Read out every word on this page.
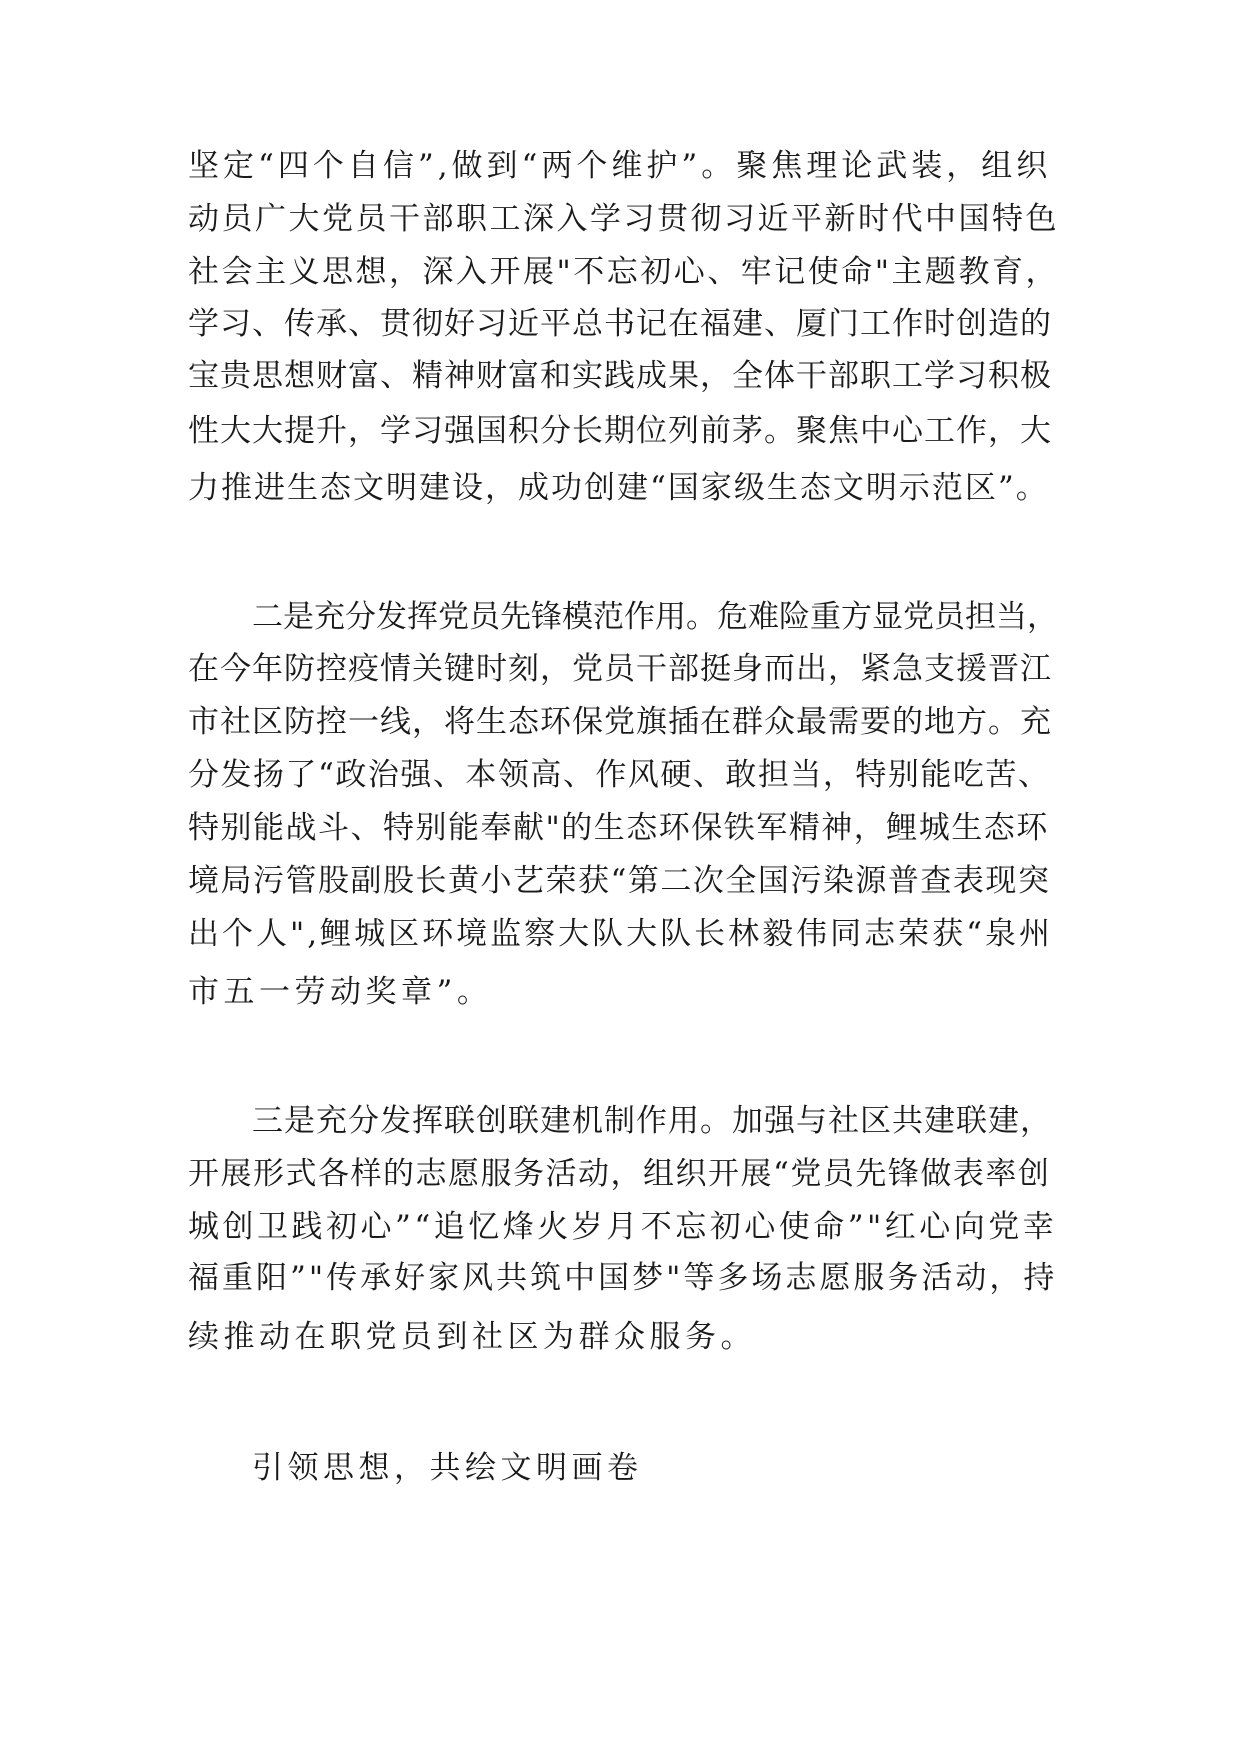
坚定“四个自信”,做到“两个维护”。聚焦理论武装，组织
动员广大党员干部职工深入学习贯彻习近平新时代中国特色
社会主义思想，深入开展"不忘初心、牢记使命"主题教育，
学习、传承、贯彻好习近平总书记在福建、厦门工作时创造的
宝贵思想财富、精神财富和实践成果，全体干部职工学习积极
性大大提升，学习强国积分长期位列前茅。聚焦中心工作，大
力推进生态文明建设，成功创建“国家级生态文明示范区”。
二是充分发挥党员先锋模范作用。危难险重方显党员担当，
在今年防控疫情关键时刻，党员干部挺身而出，紧急支援晋江
市社区防控一线，将生态环保党旗插在群众最需要的地方。充
分发扬了“政治强、本领高、作风硬、敢担当，特别能吃苦、
特别能战斗、特别能奉献"的生态环保铁军精神，鲤城生态环
境局污管股副股长黄小艺荣获“第二次全国污染源普查表现突
出个人",鲤城区环境监察大队大队长林毅伟同志荣获“泉州
市五一劳动奖章”。
三是充分发挥联创联建机制作用。加强与社区共建联建，
开展形式各样的志愿服务活动，组织开展“党员先锋做表率创
城创卫践初心”“追忆烽火岁月不忘初心使命”"红心向党幸
福重阳”"传承好家风共筑中国梦"等多场志愿服务活动，持
续推动在职党员到社区为群众服务。
引领思想，共绘文明画卷
